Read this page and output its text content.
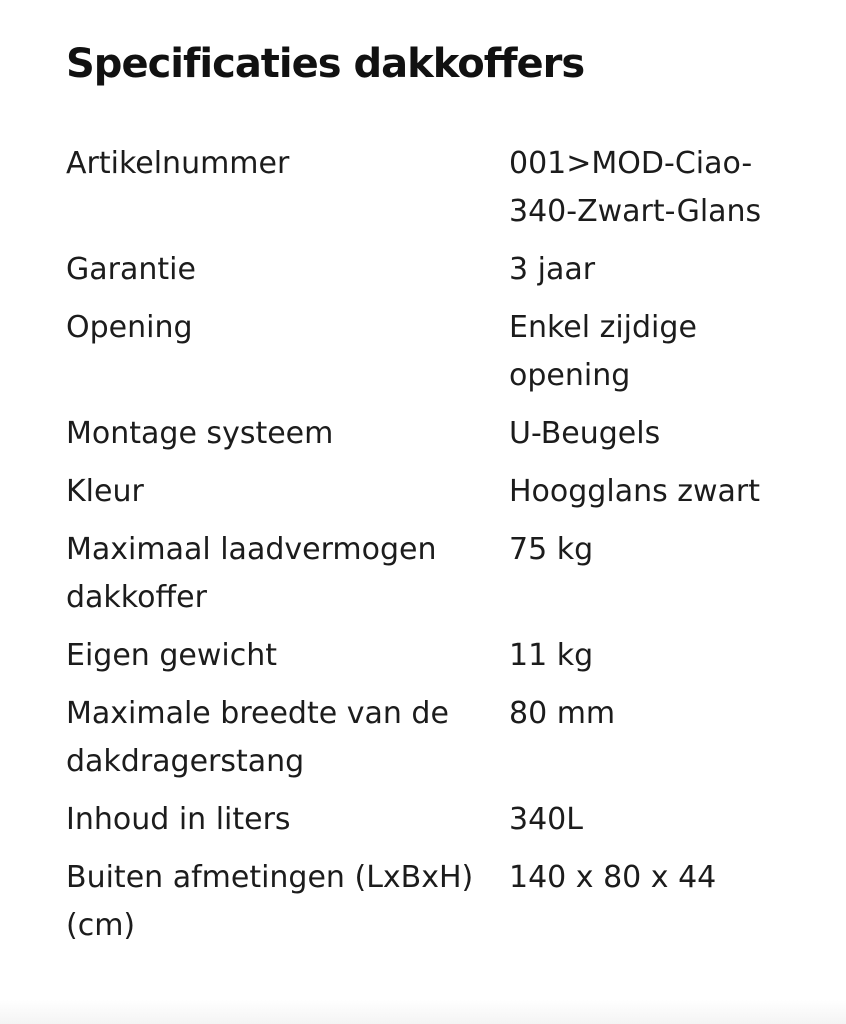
Specificaties dakkoffers
Artikelnummer	001>MOD-Ciao-340-Zwart-Glans
Garantie	3 jaar
Opening	Enkel zijdige opening
Montage systeem	U-Beugels
Kleur	Hoogglans zwart
Maximaal laadvermogen dakkoffer	75 kg
Eigen gewicht	11 kg
Maximale breedte van de dakdragerstang	80 mm
Inhoud in liters	340L
Buiten afmetingen (LxBxH) (cm)	140 x 80 x 44
